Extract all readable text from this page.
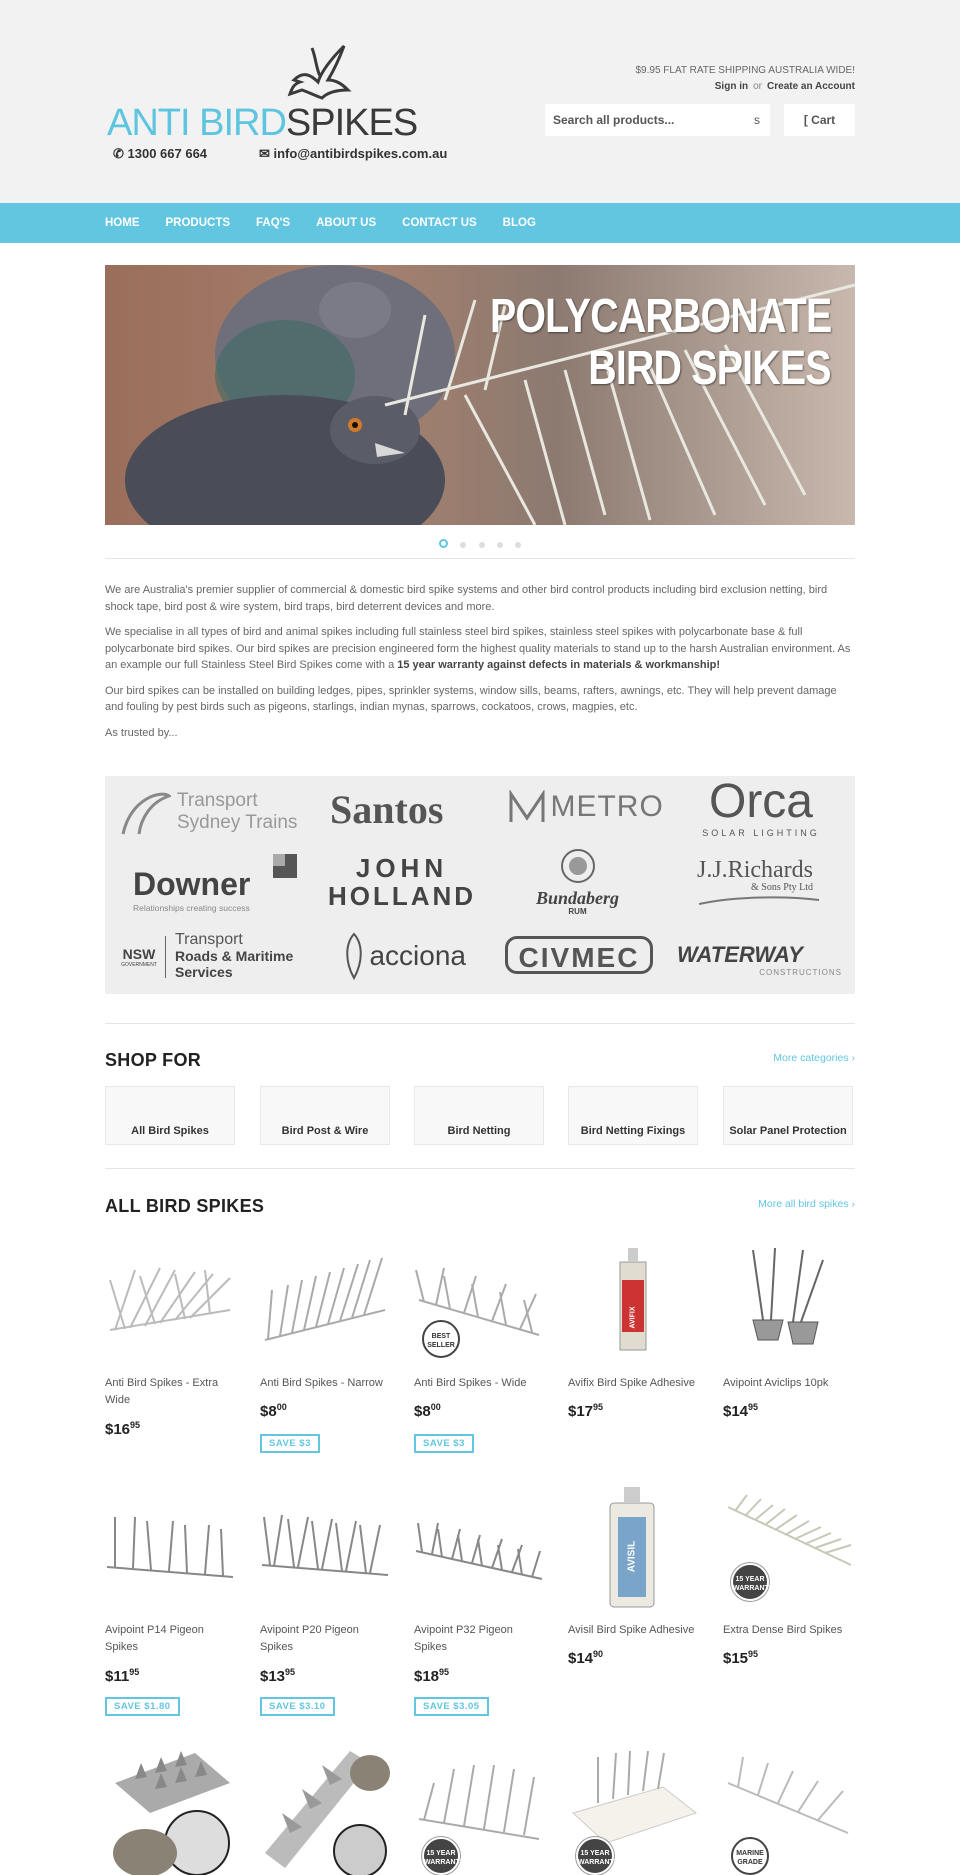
ANTI BIRDSPIKES
✆ 1300 667 664	✉ info@antibirdspikes.com.au
$9.95 FLAT RATE SHIPPING AUSTRALIA WIDE!
Sign in or Create an Account
Search all products...
s	[ Cart
HOME PRODUCTS FAQ'S ABOUT US CONTACT US BLOG
POLYCARBONATE
BIRD SPIKES

We are Australia's premier supplier of commercial & domestic bird spike systems and other bird control products including bird exclusion netting, bird shock tape, bird post & wire system, bird traps, bird deterrent devices and more.

We specialise in all types of bird and animal spikes including full stainless steel bird spikes, stainless steel spikes with polycarbonate base & full polycarbonate bird spikes. Our bird spikes are precision engineered form the highest quality materials to stand up to the harsh Australian environment. As an example our full Stainless Steel Bird Spikes come with a 15 year warranty against defects in materials & workmanship!

Our bird spikes can be installed on building ledges, pipes, sprinkler systems, window sills, beams, rafters, awnings, etc. They will help prevent damage and fouling by pest birds such as pigeons, starlings, indian mynas, sparrows, cockatoos, crows, magpies, etc.

As trusted by...

Transport
Sydney Trains Santos	METRO Orca
SOLAR LIGHTING
Downer
Relationships creating success
JOHN
HOLLAND	Bundaberg
RUM
J.J.Richards
& Sons Pty Ltd
NSW
GOVERNMENT
Transport
Roads & Maritime
Services
acciona	CIVMEC	WATERWAY
CONSTRUCTIONS
SHOP FOR	More categories ›
All Bird Spikes	Bird Post & Wire	Bird Netting	Bird Netting Fixings	Solar Panel Protection
ALL BIRD SPIKES	More all bird spikes ›
Anti Bird Spikes - Extra Wide
$\$16^{95}$
Anti Bird Spikes - Narrow
$\$8^{00}$
SAVE $3
BEST
SELLER
Anti Bird Spikes - Wide
$\$8^{00}$
SAVE $3
AVIFIX
Avifix Bird Spike Adhesive
$\$17^{95}$
Avipoint Aviclips 10pk
$\$14^{95}$
Avipoint P14 Pigeon Spikes
$\$11^{95}$
SAVE $1.80
Avipoint P20 Pigeon Spikes
$\$13^{95}$
SAVE $3.10
Avipoint P32 Pigeon Spikes
$\$18^{95}$
SAVE $3.05
AVISIL
Avisil Bird Spike Adhesive
$\$14^{90}$
15 YEAR
WARRANTY
Extra Dense Bird Spikes
$\$15^{95}$
15 YEAR
WARRANTY
15 YEAR
WARRANTY
MARINE
GRADE
